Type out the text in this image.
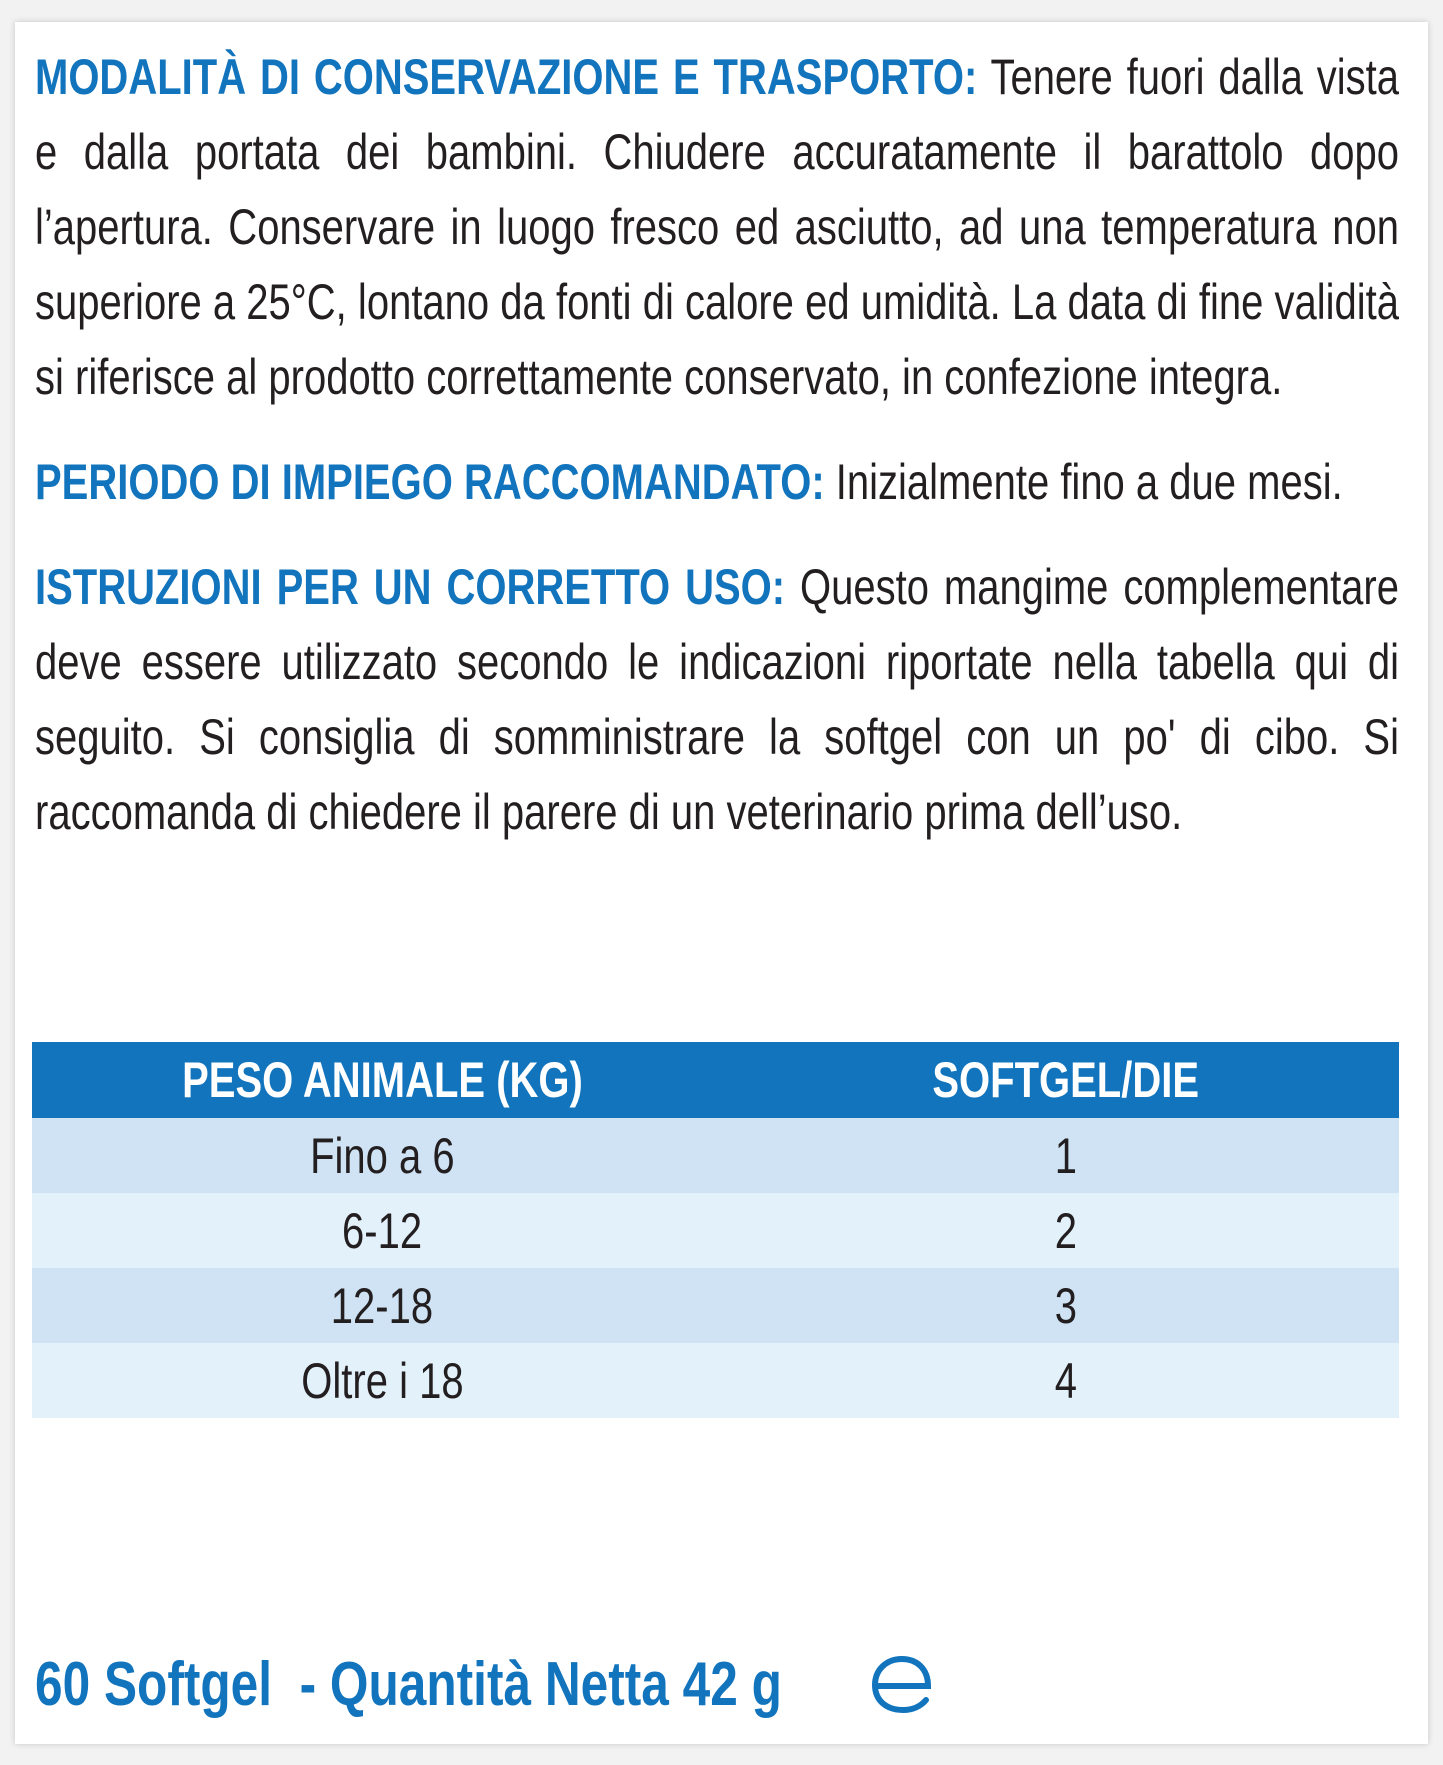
MODALITÀ DI CONSERVAZIONE E TRASPORTO: Tenere fuori dalla vista e dalla portata dei bambini. Chiudere accuratamente il barattolo dopo l’apertura. Conservare in luogo fresco ed asciutto, ad una temperatura non superiore a 25°C, lontano da fonti di calore ed umidità. La data di fine validità si riferisce al prodotto correttamente conservato, in confezione integra.
PERIODO DI IMPIEGO RACCOMANDATO: Inizialmente fino a due mesi.
ISTRUZIONI PER UN CORRETTO USO: Questo mangime complementare deve essere utilizzato secondo le indicazioni riportate nella tabella qui di seguito. Si consiglia di somministrare la softgel con un po' di cibo. Si raccomanda di chiedere il parere di un veterinario prima dell’uso.
PESO ANIMALE (KG)	SOFTGEL/DIE
Fino a 6	1
6-12	2
12-18	3
Oltre i 18	4
60 Softgel  - Quantità Netta 42 g
